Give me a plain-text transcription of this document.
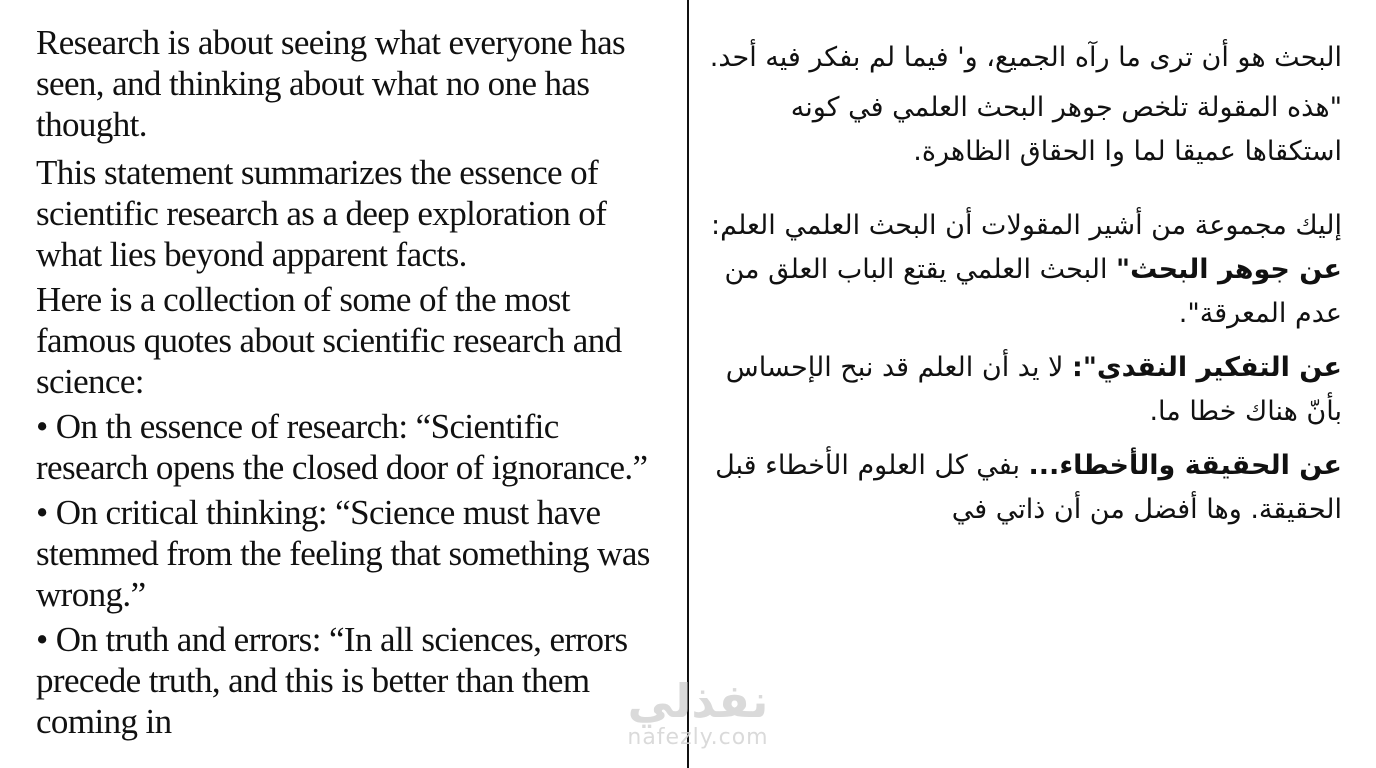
Research is about seeing what everyone has seen, and thinking about what no one has thought.

This statement summarizes the essence of scientific research as a deep exploration of what lies beyond apparent facts.

Here is a collection of some of the most famous quotes about scientific research and science:

• On th essence of research: “Scientific research opens the closed door of ignorance.”

• On critical thinking: “Science must have stemmed from the feeling that something was wrong.”

• On truth and errors: “In all sciences, errors precede truth, and this is better than them coming in

البحث هو أن ترى ما رآه الجميع، و' فيما لم بفكر فيه أحد.

"هذه المقولة تلخص جوهر البحث العلمي في كونه استكقاها عميقا لما وا الحقاق الظاهرة.

إليك مجموعة من أشير المقولات أن البحث العلمي العلم:

عن جوهر البحث" البحث العلمي يقتع الباب العلق من عدم المعرقة".

عن التفكير النقدي": لا يد أن العلم قد نبح الإحساس بأنّ هناك خطا ما.

عن الحقيقة والأخطاء... بفي كل العلوم الأخطاء قبل الحقيقة. وها أفضل من أن ذاتي في

نفذلي
nafezly.com
